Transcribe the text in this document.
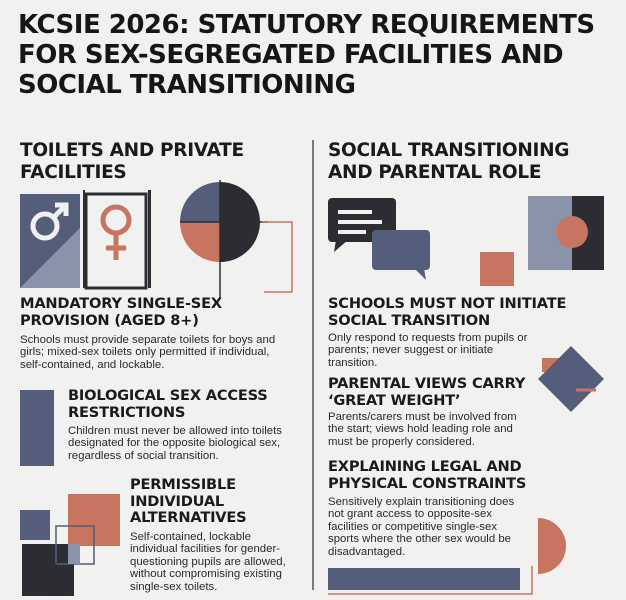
KCSIE 2026: STATUTORY REQUIREMENTS FOR SEX-SEGREGATED FACILITIES AND SOCIAL TRANSITIONING
TOILETS AND PRIVATE FACILITIES
MANDATORY SINGLE-SEX PROVISION (AGED 8+)
Schools must provide separate toilets for boys and girls; mixed-sex toilets only permitted if individual, self-contained, and lockable.
BIOLOGICAL SEX ACCESS RESTRICTIONS
Children must never be allowed into toilets designated for the opposite biological sex, regardless of social transition.
PERMISSIBLE INDIVIDUAL ALTERNATIVES
Self-contained, lockable individual facilities for gender-questioning pupils are allowed, without compromising existing single-sex toilets.
SOCIAL TRANSITIONING AND PARENTAL ROLE
SCHOOLS MUST NOT INITIATE SOCIAL TRANSITION
Only respond to requests from pupils or parents; never suggest or initiate transition.
PARENTAL VIEWS CARRY ‘GREAT WEIGHT’
Parents/carers must be involved from the start; views hold leading role and must be properly considered.
EXPLAINING LEGAL AND PHYSICAL CONSTRAINTS
Sensitively explain transitioning does not grant access to opposite-sex facilities or competitive single-sex sports where the other sex would be disadvantaged.
